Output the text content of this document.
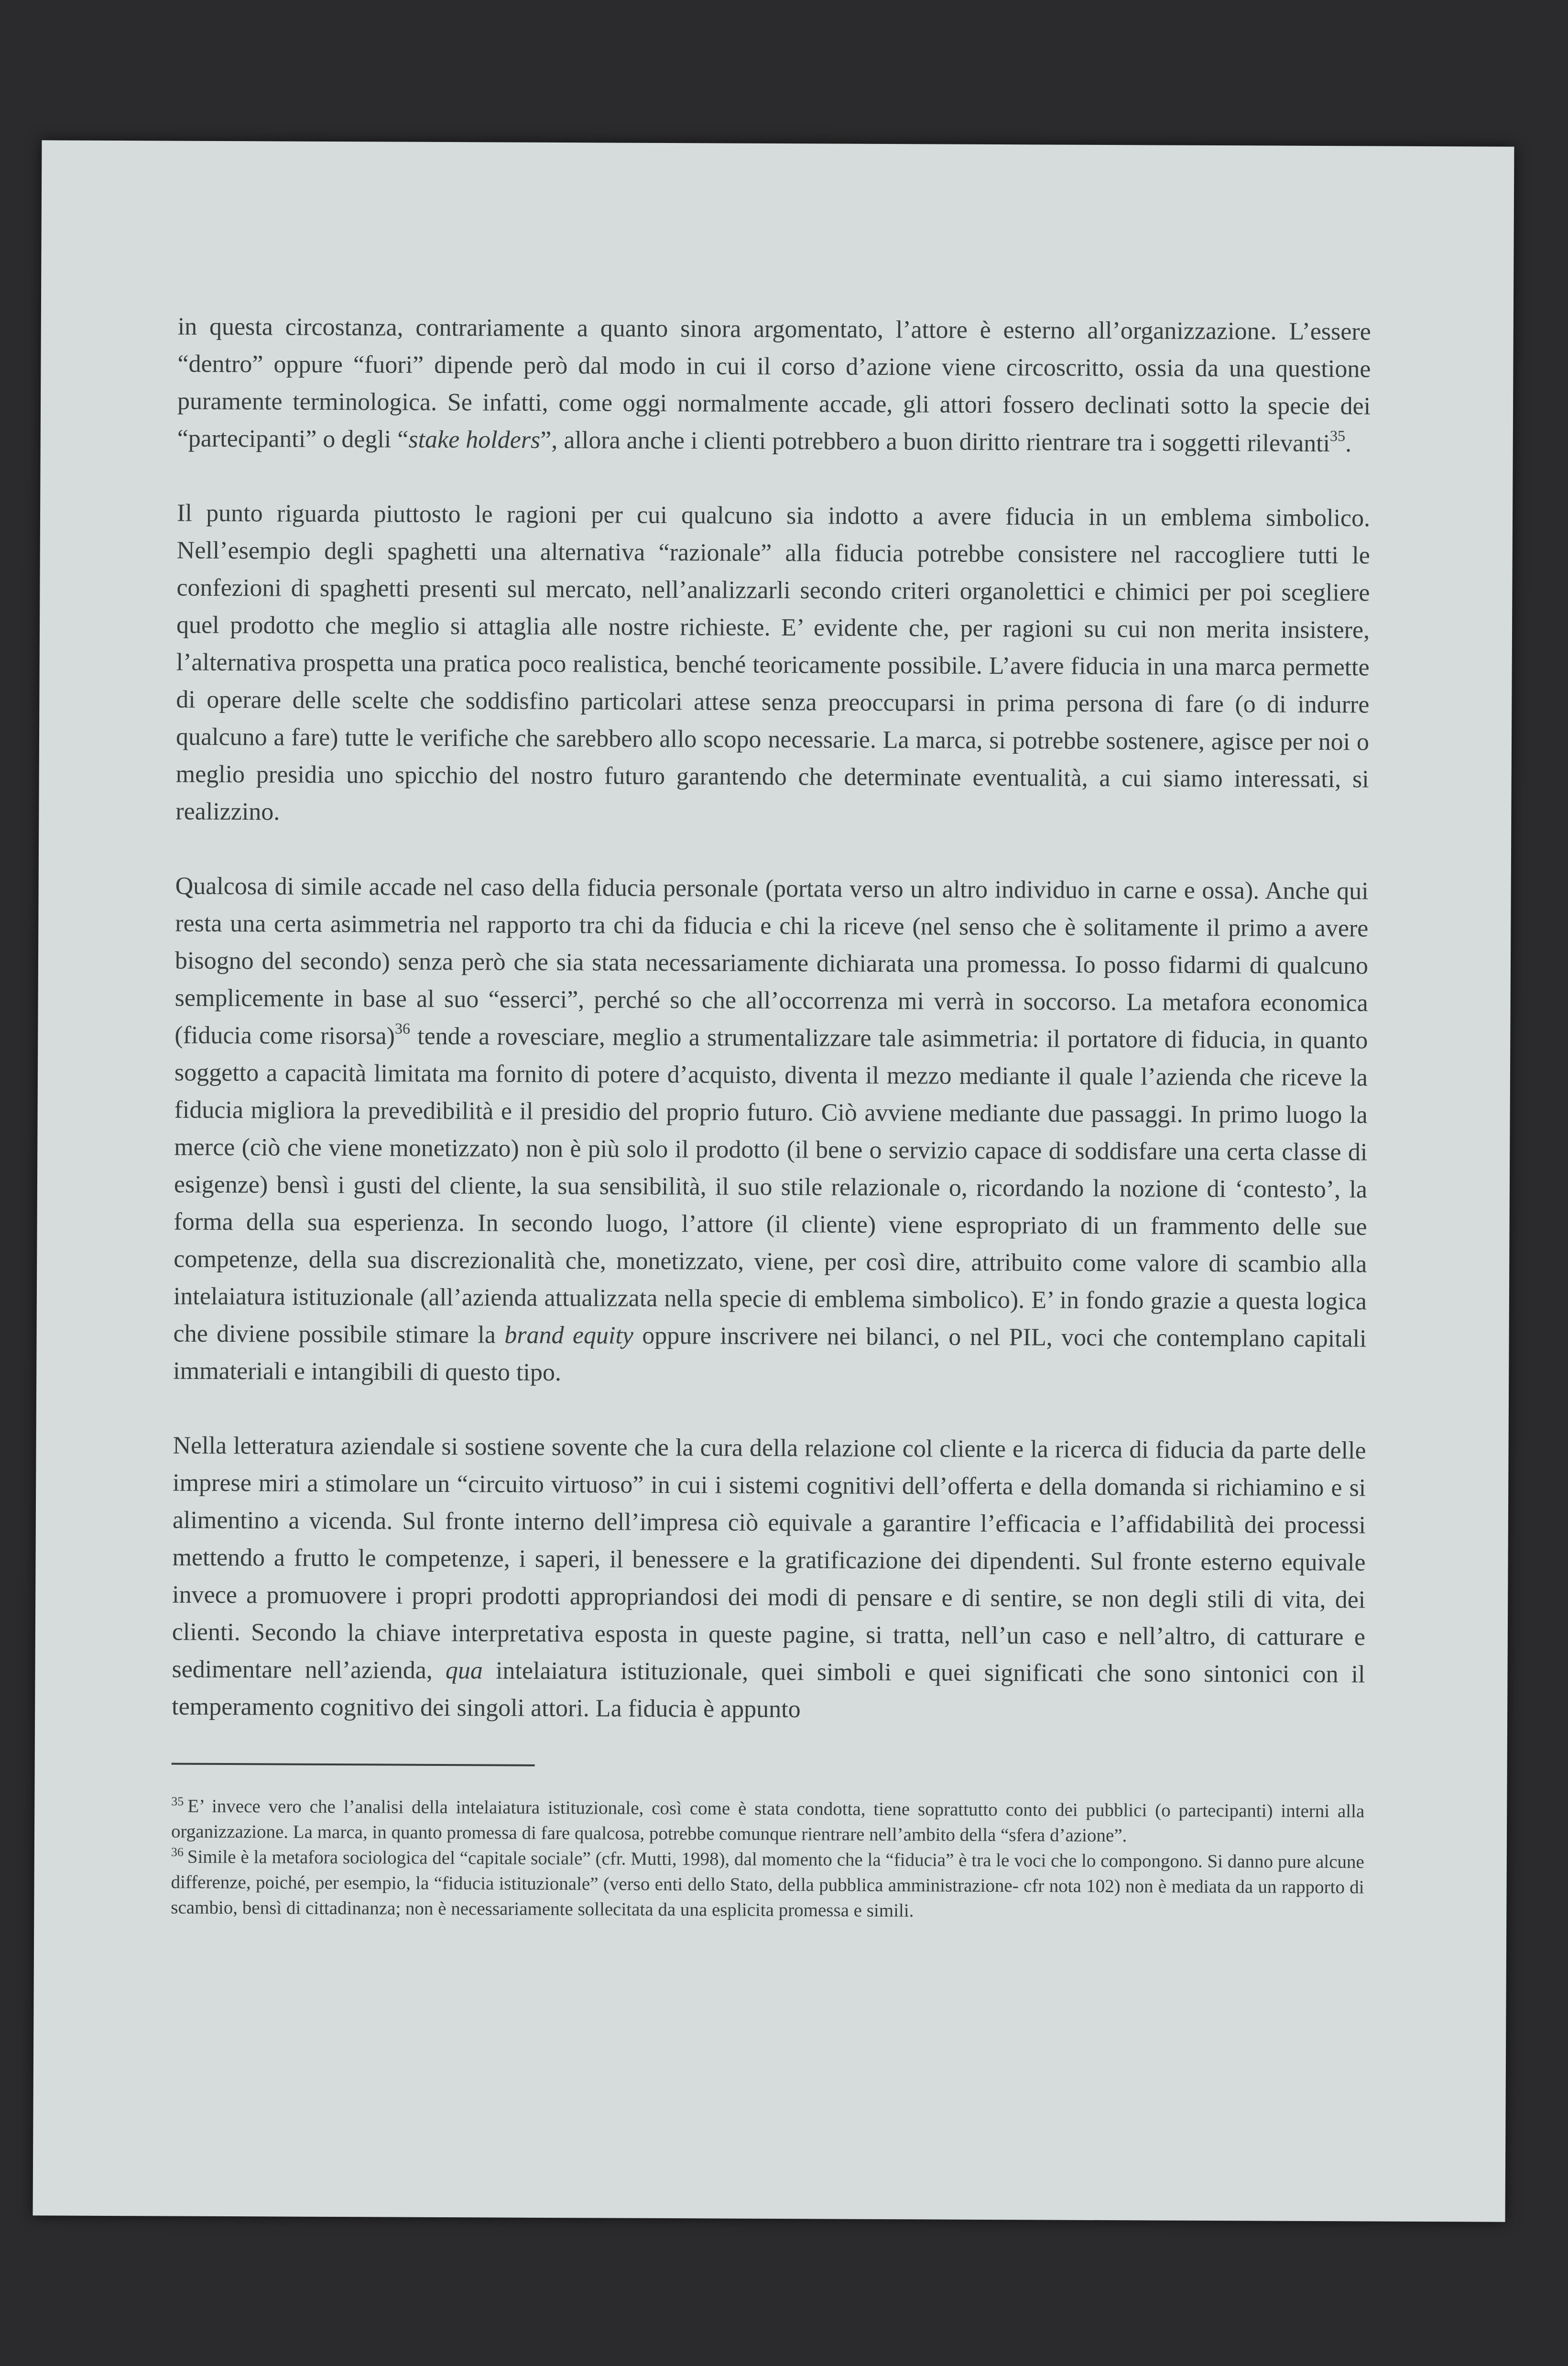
in questa circostanza, contrariamente a quanto sinora argomentato, l’attore è esterno all’organizzazione. L’essere “dentro” oppure “fuori” dipende però dal modo in cui il corso d’azione viene circoscritto, ossia da una questione puramente terminologica. Se infatti, come oggi normalmente accade, gli attori fossero declinati sotto la specie dei “partecipanti” o degli “stake holders”, allora anche i clienti potrebbero a buon diritto rientrare tra i soggetti rilevanti$^{35}$.

Il punto riguarda piuttosto le ragioni per cui qualcuno sia indotto a avere fiducia in un emblema simbolico. Nell’esempio degli spaghetti una alternativa “razionale” alla fiducia potrebbe consistere nel raccogliere tutti le confezioni di spaghetti presenti sul mercato, nell’analizzarli secondo criteri organolettici e chimici per poi scegliere quel prodotto che meglio si attaglia alle nostre richieste. E’ evidente che, per ragioni su cui non merita insistere, l’alternativa prospetta una pratica poco realistica, benché teoricamente possibile. L’avere fiducia in una marca permette di operare delle scelte che soddisfino particolari attese senza preoccuparsi in prima persona di fare (o di indurre qualcuno a fare) tutte le verifiche che sarebbero allo scopo necessarie. La marca, si potrebbe sostenere, agisce per noi o meglio presidia uno spicchio del nostro futuro garantendo che determinate eventualità, a cui siamo interessati, si realizzino.

Qualcosa di simile accade nel caso della fiducia personale (portata verso un altro individuo in carne e ossa). Anche qui resta una certa asimmetria nel rapporto tra chi da fiducia e chi la riceve (nel senso che è solitamente il primo a avere bisogno del secondo) senza però che sia stata necessariamente dichiarata una promessa. Io posso fidarmi di qualcuno semplicemente in base al suo “esserci”, perché so che all’occorrenza mi verrà in soccorso. La metafora economica (fiducia come risorsa)$^{36}$ tende a rovesciare, meglio a strumentalizzare tale asimmetria: il portatore di fiducia, in quanto soggetto a capacità limitata ma fornito di potere d’acquisto, diventa il mezzo mediante il quale l’azienda che riceve la fiducia migliora la prevedibilità e il presidio del proprio futuro. Ciò avviene mediante due passaggi. In primo luogo la merce (ciò che viene monetizzato) non è più solo il prodotto (il bene o servizio capace di soddisfare una certa classe di esigenze) bensì i gusti del cliente, la sua sensibilità, il suo stile relazionale o, ricordando la nozione di ‘contesto’, la forma della sua esperienza. In secondo luogo, l’attore (il cliente) viene espropriato di un frammento delle sue competenze, della sua discrezionalità che, monetizzato, viene, per così dire, attribuito come valore di scambio alla intelaiatura istituzionale (all’azienda attualizzata nella specie di emblema simbolico). E’ in fondo grazie a questa logica che diviene possibile stimare la brand equity oppure inscrivere nei bilanci, o nel PIL, voci che contemplano capitali immateriali e intangibili di questo tipo.

Nella letteratura aziendale si sostiene sovente che la cura della relazione col cliente e la ricerca di fiducia da parte delle imprese miri a stimolare un “circuito virtuoso” in cui i sistemi cognitivi dell’offerta e della domanda si richiamino e si alimentino a vicenda. Sul fronte interno dell’impresa ciò equivale a garantire l’efficacia e l’affidabilità dei processi mettendo a frutto le competenze, i saperi, il benessere e la gratificazione dei dipendenti. Sul fronte esterno equivale invece a promuovere i propri prodotti appropriandosi dei modi di pensare e di sentire, se non degli stili di vita, dei clienti. Secondo la chiave interpretativa esposta in queste pagine, si tratta, nell’un caso e nell’altro, di catturare e sedimentare nell’azienda, qua intelaiatura istituzionale, quei simboli e quei significati che sono sintonici con il temperamento cognitivo dei singoli attori. La fiducia è appunto

$^{35}$ E’ invece vero che l’analisi della intelaiatura istituzionale, così come è stata condotta, tiene soprattutto conto dei pubblici (o partecipanti) interni alla organizzazione. La marca, in quanto promessa di fare qualcosa, potrebbe comunque rientrare nell’ambito della “sfera d’azione”.

$^{36}$ Simile è la metafora sociologica del “capitale sociale” (cfr. Mutti, 1998), dal momento che la “fiducia” è tra le voci che lo compongono. Si danno pure alcune differenze, poiché, per esempio, la “fiducia istituzionale” (verso enti dello Stato, della pubblica amministrazione- cfr nota 102) non è mediata da un rapporto di scambio, bensì di cittadinanza; non è necessariamente sollecitata da una esplicita promessa e simili.
